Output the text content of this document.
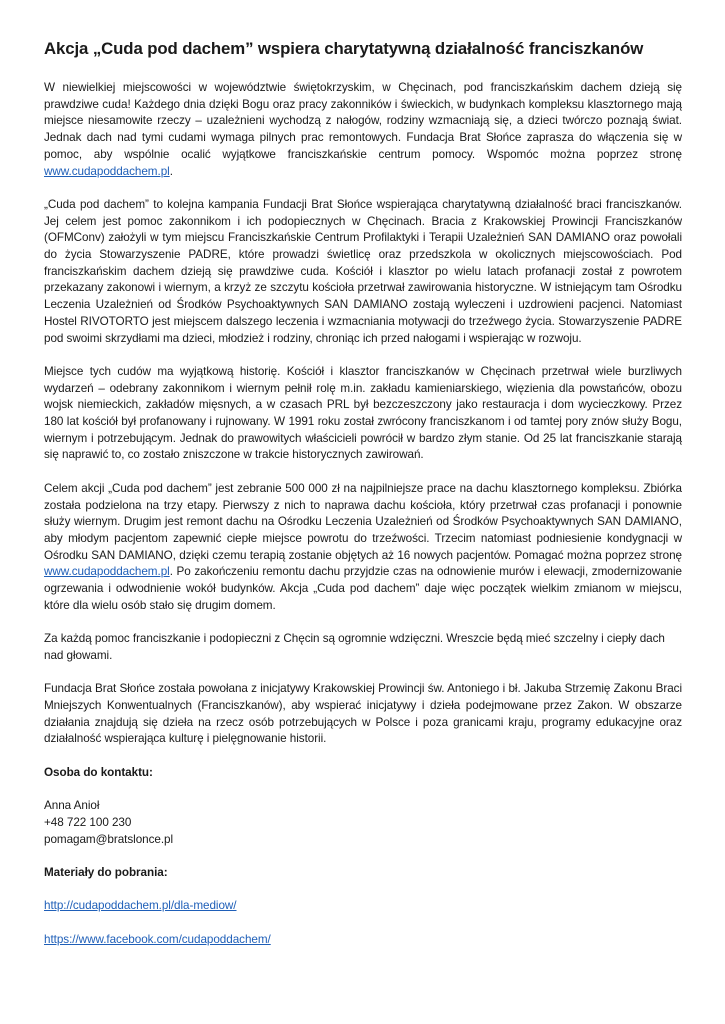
Akcja „Cuda pod dachem” wspiera charytatywną działalność franciszkanów

W niewielkiej miejscowości w województwie świętokrzyskim, w Chęcinach, pod franciszkańskim dachem dzieją się prawdziwe cuda! Każdego dnia dzięki Bogu oraz pracy zakonników i świeckich, w budynkach kompleksu klasztornego mają miejsce niesamowite rzeczy – uzależnieni wychodzą z nałogów, rodziny wzmacniają się, a dzieci twórczo poznają świat. Jednak dach nad tymi cudami wymaga pilnych prac remontowych. Fundacja Brat Słońce zaprasza do włączenia się w pomoc, aby wspólnie ocalić wyjątkowe franciszkańskie centrum pomocy. Wspomóc można poprzez stronę www.cudapoddachem.pl.

„Cuda pod dachem” to kolejna kampania Fundacji Brat Słońce wspierająca charytatywną działalność braci franciszkanów. Jej celem jest pomoc zakonnikom i ich podopiecznych w Chęcinach. Bracia z Krakowskiej Prowincji Franciszkanów (OFMConv) założyli w tym miejscu Franciszkańskie Centrum Profilaktyki i Terapii Uzależnień SAN DAMIANO oraz powołali do życia Stowarzyszenie PADRE, które prowadzi świetlicę oraz przedszkola w okolicznych miejscowościach. Pod franciszkańskim dachem dzieją się prawdziwe cuda. Kościół i klasztor po wielu latach profanacji został z powrotem przekazany zakonowi i wiernym, a krzyż ze szczytu kościoła przetrwał zawirowania historyczne. W istniejącym tam Ośrodku Leczenia Uzależnień od Środków Psychoaktywnych SAN DAMIANO zostają wyleczeni i uzdrowieni pacjenci. Natomiast Hostel RIVOTORTO jest miejscem dalszego leczenia i wzmacniania motywacji do trzeźwego życia. Stowarzyszenie PADRE pod swoimi skrzydłami ma dzieci, młodzież i rodziny, chroniąc ich przed nałogami i wspierając w rozwoju.

Miejsce tych cudów ma wyjątkową historię. Kościół i klasztor franciszkanów w Chęcinach przetrwał wiele burzliwych wydarzeń – odebrany zakonnikom i wiernym pełnił rolę m.in. zakładu kamieniarskiego, więzienia dla powstańców, obozu wojsk niemieckich, zakładów mięsnych, a w czasach PRL był bezczeszczony jako restauracja i dom wycieczkowy. Przez 180 lat kościół był profanowany i rujnowany. W 1991 roku został zwrócony franciszkanom i od tamtej pory znów służy Bogu, wiernym i potrzebującym. Jednak do prawowitych właścicieli powrócił w bardzo złym stanie. Od 25 lat franciszkanie starają się naprawić to, co zostało zniszczone w trakcie historycznych zawirowań.

Celem akcji „Cuda pod dachem” jest zebranie 500 000 zł na najpilniejsze prace na dachu klasztornego kompleksu. Zbiórka została podzielona na trzy etapy. Pierwszy z nich to naprawa dachu kościoła, który przetrwał czas profanacji i ponownie służy wiernym. Drugim jest remont dachu na Ośrodku Leczenia Uzależnień od Środków Psychoaktywnych SAN DAMIANO, aby młodym pacjentom zapewnić ciepłe miejsce powrotu do trzeźwości. Trzecim natomiast podniesienie kondygnacji w Ośrodku SAN DAMIANO, dzięki czemu terapią zostanie objętych aż 16 nowych pacjentów. Pomagać można poprzez stronę www.cudapoddachem.pl. Po zakończeniu remontu dachu przyjdzie czas na odnowienie murów i elewacji, zmodernizowanie ogrzewania i odwodnienie wokół budynków. Akcja „Cuda pod dachem” daje więc początek wielkim zmianom w miejscu, które dla wielu osób stało się drugim domem.

Za każdą pomoc franciszkanie i podopieczni z Chęcin są ogromnie wdzięczni. Wreszcie będą mieć szczelny i ciepły dach nad głowami.

Fundacja Brat Słońce została powołana z inicjatywy Krakowskiej Prowincji św. Antoniego i bł. Jakuba Strzemię Zakonu Braci Mniejszych Konwentualnych (Franciszkanów), aby wspierać inicjatywy i dzieła podejmowane przez Zakon. W obszarze działania znajdują się dzieła na rzecz osób potrzebujących w Polsce i poza granicami kraju, programy edukacyjne oraz działalność wspierająca kulturę i pielęgnowanie historii.

Osoba do kontaktu:

Anna Anioł
+48 722 100 230
pomagam@bratslonce.pl

Materiały do pobrania:

http://cudapoddachem.pl/dla-mediow/

https://www.facebook.com/cudapoddachem/
